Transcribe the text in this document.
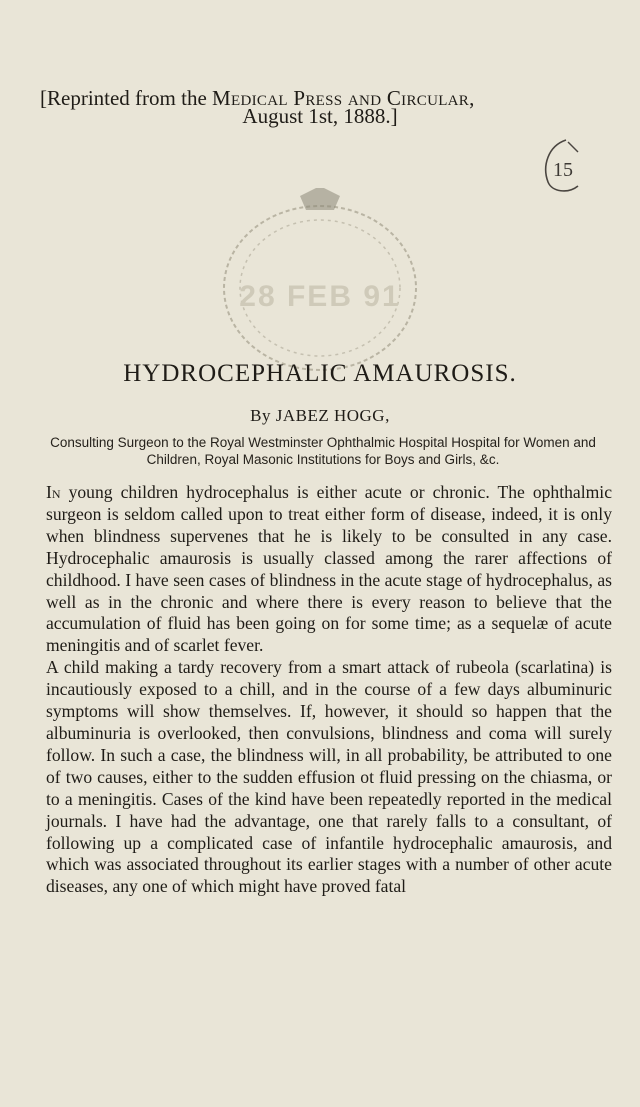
[Reprinted from the Medical Press and Circular,
August 1st, 1888.]
15
28 FEB 91
HYDROCEPHALIC AMAUROSIS.
By JABEZ HOGG,
Consulting Surgeon to the Royal Westminster Ophthalmic Hospital Hospital for Women and Children, Royal Masonic Institutions for Boys and Girls, &c.

In young children hydrocephalus is either acute or chronic. The ophthalmic surgeon is seldom called upon to treat either form of disease, indeed, it is only when blindness supervenes that he is likely to be consulted in any case. Hydrocephalic amaurosis is usually classed among the rarer affections of childhood. I have seen cases of blindness in the acute stage of hydrocephalus, as well as in the chronic and where there is every reason to believe that the accumulation of fluid has been going on for some time; as a sequelæ of acute meningitis and of scarlet fever.

A child making a tardy recovery from a smart attack of rubeola (scarlatina) is incautiously exposed to a chill, and in the course of a few days albuminuric symptoms will show themselves. If, however, it should so happen that the albuminuria is overlooked, then convulsions, blindness and coma will surely follow. In such a case, the blindness will, in all probability, be attributed to one of two causes, either to the sudden effusion ot fluid pressing on the chiasma, or to a meningitis. Cases of the kind have been repeatedly reported in the medical journals. I have had the advantage, one that rarely falls to a consultant, of following up a complicated case of infantile hydrocephalic amaurosis, and which was associated throughout its earlier stages with a number of other acute diseases, any one of which might have proved fatal
